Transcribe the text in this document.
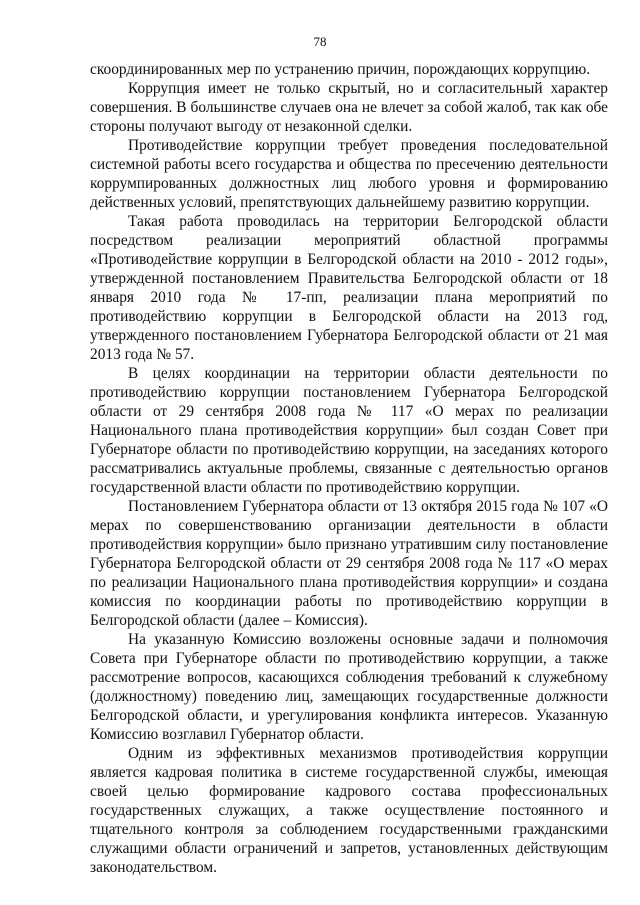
78

скоординированных мер по устранению причин, порождающих коррупцию.

Коррупция имеет не только скрытый, но и согласительный характер совершения. В большинстве случаев она не влечет за собой жалоб, так как обе стороны получают выгоду от незаконной сделки.

Противодействие коррупции требует проведения последовательной системной работы всего государства и общества по пресечению деятельности коррумпированных должностных лиц любого уровня и формированию действенных условий, препятствующих дальнейшему развитию коррупции.

Такая работа проводилась на территории Белгородской области посредством реализации мероприятий областной программы «Противодействие коррупции в Белгородской области на 2010 - 2012 годы», утвержденной постановлением Правительства Белгородской области от 18 января 2010 года № 17-пп, реализации плана мероприятий по противодействию коррупции в Белгородской области на 2013 год, утвержденного постановлением Губернатора Белгородской области от 21 мая 2013 года № 57.

В целях координации на территории области деятельности по противодействию коррупции постановлением Губернатора Белгородской области от 29 сентября 2008 года № 117 «О мерах по реализации Национального плана противодействия коррупции» был создан Совет при Губернаторе области по противодействию коррупции, на заседаниях которого рассматривались актуальные проблемы, связанные с деятельностью органов государственной власти области по противодействию коррупции.

Постановлением Губернатора области от 13 октября 2015 года № 107 «О мерах по совершенствованию организации деятельности в области противодействия коррупции» было признано утратившим силу постановление Губернатора Белгородской области от 29 сентября 2008 года № 117 «О мерах по реализации Национального плана противодействия коррупции» и создана комиссия по координации работы по противодействию коррупции в Белгородской области (далее – Комиссия).

На указанную Комиссию возложены основные задачи и полномочия Совета при Губернаторе области по противодействию коррупции, а также рассмотрение вопросов, касающихся соблюдения требований к служебному (должностному) поведению лиц, замещающих государственные должности Белгородской области, и урегулирования конфликта интересов. Указанную Комиссию возглавил Губернатор области.

Одним из эффективных механизмов противодействия коррупции является кадровая политика в системе государственной службы, имеющая своей целью формирование кадрового состава профессиональных государственных служащих, а также осуществление постоянного и тщательного контроля за соблюдением государственными гражданскими служащими области ограничений и запретов, установленных действующим законодательством.
